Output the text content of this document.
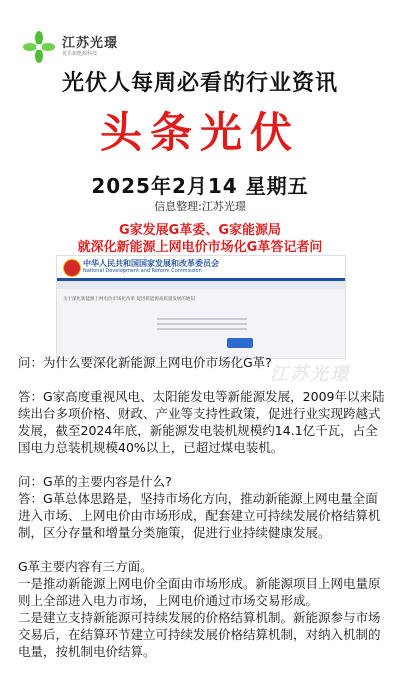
江苏光璟
优乐新能源科技
光伏人每周必看的行业资讯
头条光伏
2025年2月14 星期五
信息整理:江苏光璟
G家发展G革委、G家能源局
就深化新能源上网电价市场化G革答记者问
中华人民共和国国家发展和改革委员会
National Development and Reform Commission
关于深化新能源上网电价市场化改革 促进新能源高质量发展的通知
江苏光璟

问：为什么要深化新能源上网电价市场化G革?

答：G家高度重视风电、太阳能发电等新能源发展，2009年以来陆续出台多项价格、财政、产业等支持性政策，促进行业实现跨越式发展，截至2024年底，新能源发电装机规模约14.1亿千瓦，占全国电力总装机规模40%以上，已超过煤电装机。

问：G革的主要内容是什么?

答：G革总体思路是，坚持市场化方向，推动新能源上网电量全面进入市场、上网电价由市场形成，配套建立可持续发展价格结算机制，区分存量和增量分类施策，促进行业持续健康发展。

G革主要内容有三方面。

一是推动新能源上网电价全面由市场形成。新能源项目上网电量原则上全部进入电力市场，上网电价通过市场交易形成。

二是建立支持新能源可持续发展的价格结算机制。新能源参与市场交易后，在结算环节建立可持续发展价格结算机制，对纳入机制的电量，按机制电价结算。
